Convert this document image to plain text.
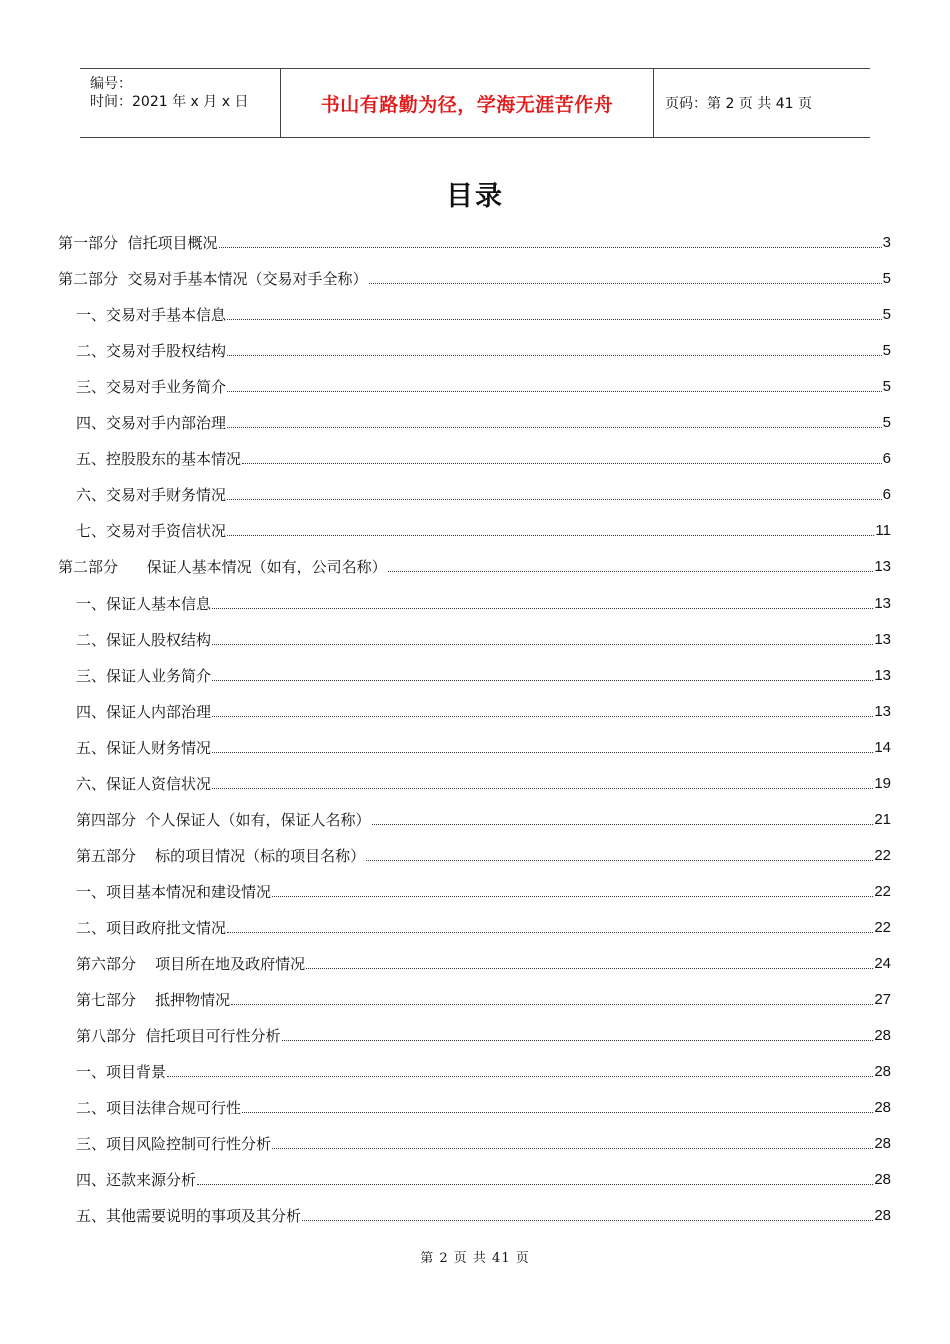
编号：
时间：2021 年 x 月 x 日	书山有路勤为径，学海无涯苦作舟	页码：第 2 页 共 41 页
目录
第一部分  信托项目概况	3
第二部分  交易对手基本情况（交易对手全称）	5
一、交易对手基本信息	5
二、交易对手股权结构	5
三、交易对手业务简介	5
四、交易对手内部治理	5
五、控股股东的基本情况	6
六、交易对手财务情况	6
七、交易对手资信状况	11
第二部分      保证人基本情况（如有，公司名称）	13
一、保证人基本信息	13
二、保证人股权结构	13
三、保证人业务简介	13
四、保证人内部治理	13
五、保证人财务情况	14
六、保证人资信状况	19
第四部分  个人保证人（如有，保证人名称）	21
第五部分    标的项目情况（标的项目名称）	22
一、项目基本情况和建设情况	22
二、项目政府批文情况	22
第六部分    项目所在地及政府情况	24
第七部分    抵押物情况	27
第八部分  信托项目可行性分析	28
一、项目背景	28
二、项目法律合规可行性	28
三、项目风险控制可行性分析	28
四、还款来源分析	28
五、其他需要说明的事项及其分析	28
第 2 页 共 41 页
